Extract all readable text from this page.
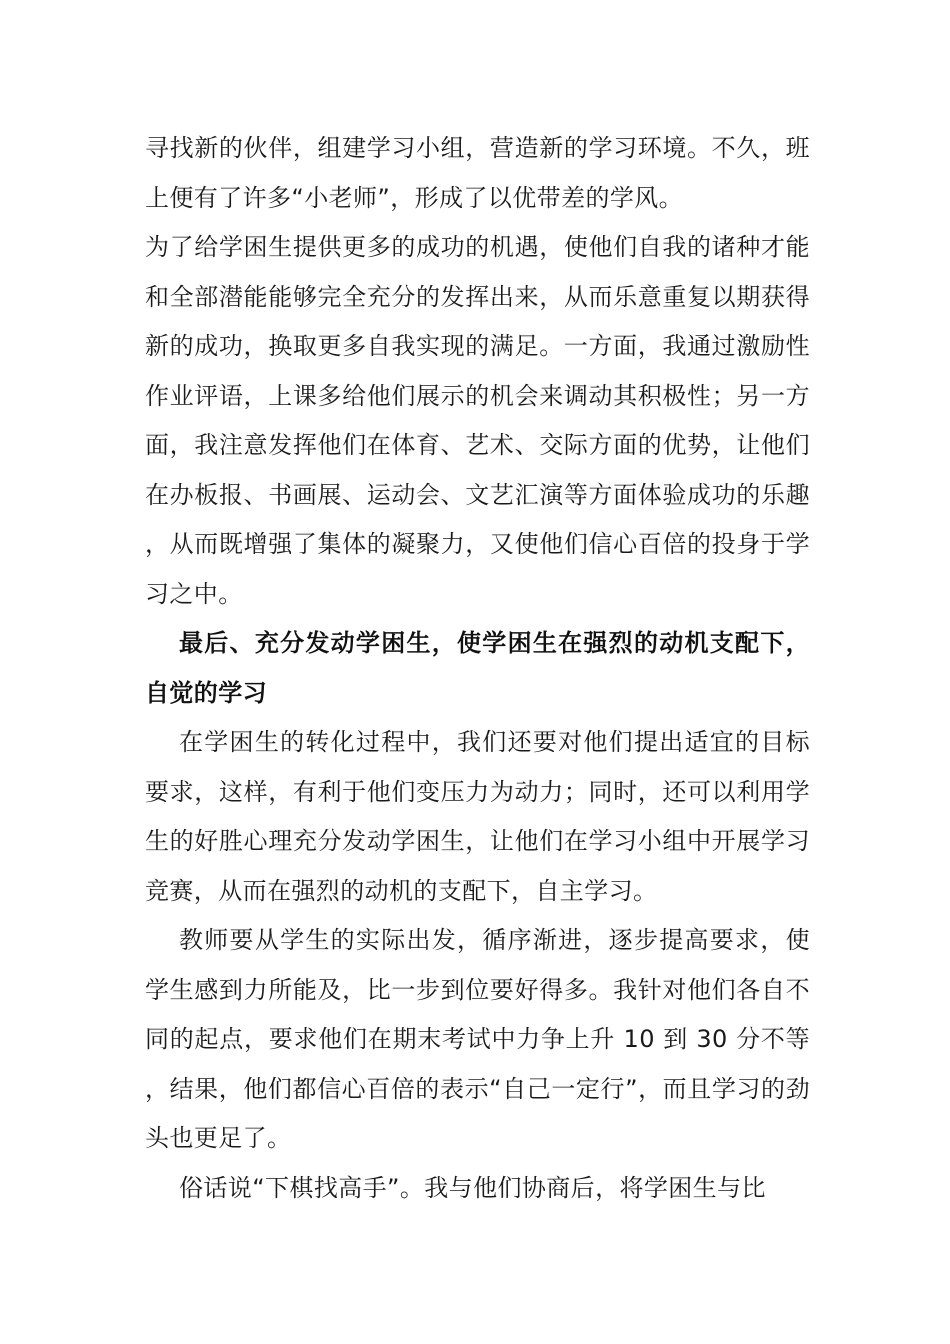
寻找新的伙伴，组建学习小组，营造新的学习环境。不久，班上便有了许多“小老师”，形成了以优带差的学风。

为了给学困生提供更多的成功的机遇，使他们自我的诸种才能和全部潜能能够完全充分的发挥出来，从而乐意重复以期获得新的成功，换取更多自我实现的满足。一方面，我通过激励性作业评语，上课多给他们展示的机会来调动其积极性；另一方面，我注意发挥他们在体育、艺术、交际方面的优势，让他们在办板报、书画展、运动会、文艺汇演等方面体验成功的乐趣，从而既增强了集体的凝聚力，又使他们信心百倍的投身于学习之中。

最后、充分发动学困生，使学困生在强烈的动机支配下，自觉的学习

在学困生的转化过程中，我们还要对他们提出适宜的目标要求，这样，有利于他们变压力为动力；同时，还可以利用学生的好胜心理充分发动学困生，让他们在学习小组中开展学习竞赛，从而在强烈的动机的支配下，自主学习。

教师要从学生的实际出发，循序渐进，逐步提高要求，使学生感到力所能及，比一步到位要好得多。我针对他们各自不同的起点，要求他们在期末考试中力争上升 10 到 30 分不等，结果，他们都信心百倍的表示“自己一定行”，而且学习的劲头也更足了。

俗话说“下棋找高手”。我与他们协商后，将学困生与比
